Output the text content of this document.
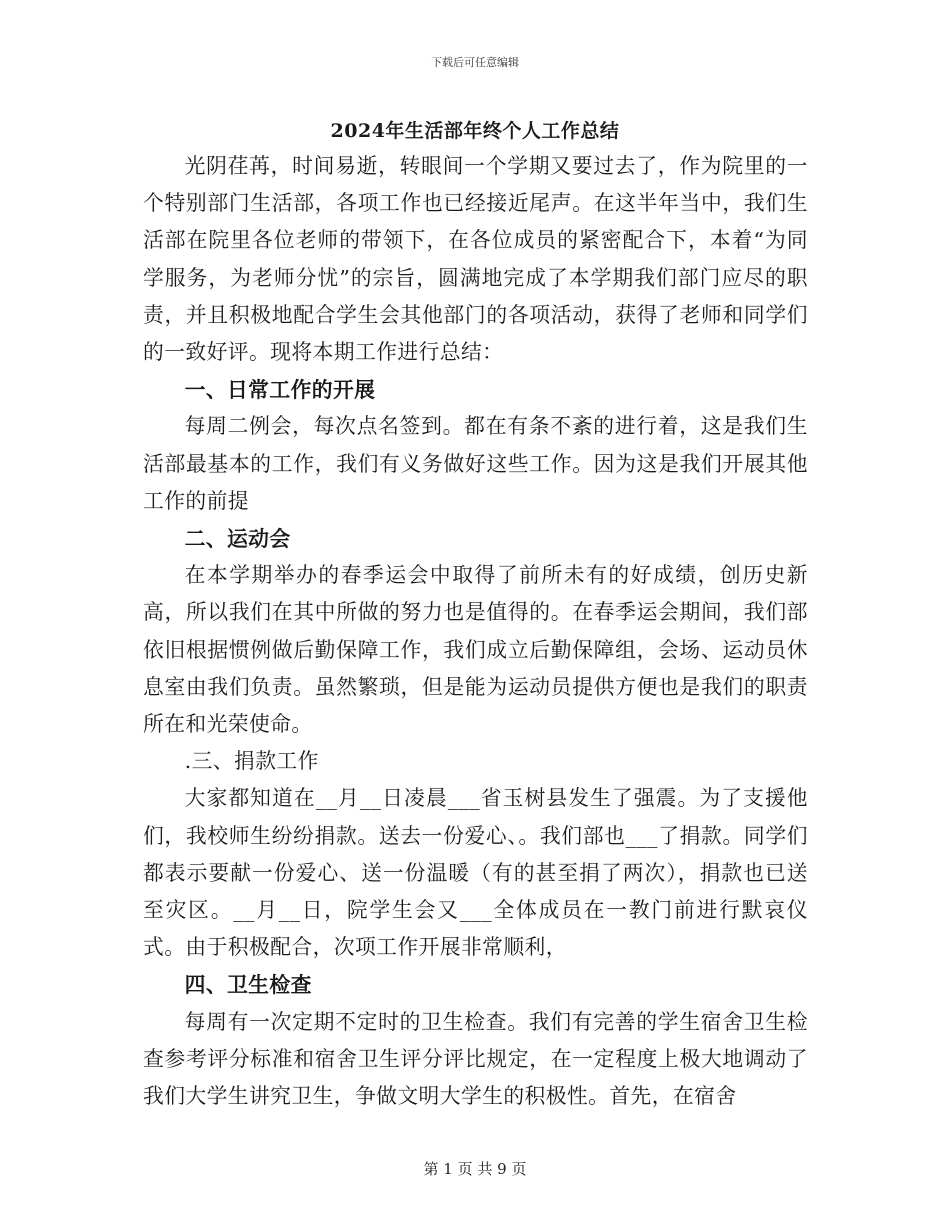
下载后可任意编辑
2024年生活部年终个人工作总结

光阴荏苒，时间易逝，转眼间一个学期又要过去了，作为院里的一个特别部门生活部，各项工作也已经接近尾声。在这半年当中，我们生活部在院里各位老师的带领下，在各位成员的紧密配合下，本着“为同学服务，为老师分忧”的宗旨，圆满地完成了本学期我们部门应尽的职责，并且积极地配合学生会其他部门的各项活动，获得了老师和同学们的一致好评。现将本期工作进行总结：

一、日常工作的开展

每周二例会，每次点名签到。都在有条不紊的进行着，这是我们生活部最基本的工作，我们有义务做好这些工作。因为这是我们开展其他工作的前提

二、运动会

在本学期举办的春季运会中取得了前所未有的好成绩，创历史新高，所以我们在其中所做的努力也是值得的。在春季运会期间，我们部依旧根据惯例做后勤保障工作，我们成立后勤保障组，会场、运动员休息室由我们负责。虽然繁琐，但是能为运动员提供方便也是我们的职责所在和光荣使命。

.三、捐款工作

大家都知道在__月__日凌晨___省玉树县发生了强震。为了支援他们，我校师生纷纷捐款。送去一份爱心、。我们部也___了捐款。同学们都表示要献一份爱心、送一份温暖（有的甚至捐了两次），捐款也已送至灾区。__月__日，院学生会又___全体成员在一教门前进行默哀仪式。由于积极配合，次项工作开展非常顺利，

四、卫生检查

每周有一次定期不定时的卫生检查。我们有完善的学生宿舍卫生检查参考评分标准和宿舍卫生评分评比规定，在一定程度上极大地调动了我们大学生讲究卫生，争做文明大学生的积极性。首先，在宿舍

第 1 页 共 9 页
